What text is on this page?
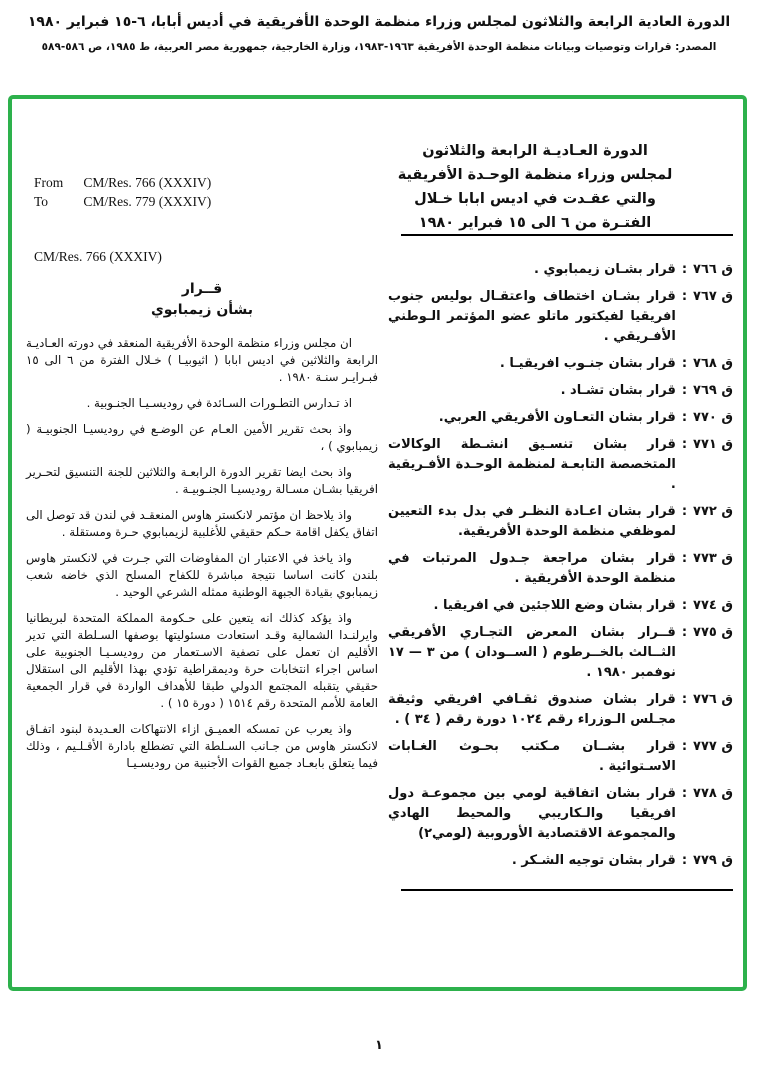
الدورة العادية الرابعة والثلاثون لمجلس وزراء منظمة الوحدة الأفريقية في أديس أبابا، ٦-١٥ فبراير ١٩٨٠
المصدر: قرارات وتوصيات وبيانات منظمة الوحدة الأفريقية ١٩٦٣-١٩٨٣، وزارة الخارجية، جمهورية مصر العربية، ط ١٩٨٥، ص ٥٨٦-٥٨٩
الدورة العـاديـة الرابعة والثلاثون
لمجلس وزراء منظمة الوحـدة الأفريقية
والتي عقـدت في اديس ابابا خـلال
الفتـرة من ٦ الى ١٥ فبراير ١٩٨٠
From CM/Res. 766 (XXXIV)
To	CM/Res. 779 (XXXIV)
CM/Res. 766 (XXXIV)
قــرار
بشأن زيمبابوي

ان مجلس وزراء منظمة الوحدة الأفريقية المنعقد في دورته العـاديـة الرابعة والثلاثين في اديس ابابا ( اثيوبيـا ) خـلال الفترة من ٦ الى ١٥ فبـرايـر سنـة ١٩٨٠ .

اذ تـدارس التطـورات السـائدة في روديسـيـا الجنـوبية .

واذ بحث تقرير الأمين العـام عن الوضـع في روديسيـا الجنوبيـة ( زيمبابوي ) ،

واذ بحث ايضا تقرير الدورة الرابعـة والثلاثين للجنة التنسيق لتحـرير افريقيا بشـان مسـالة روديسيـا الجنـوبيـة .

واذ يلاحظ ان مؤتمر لانكستر هاوس المنعقـد في لندن قد توصل الى اتفاق يكفل اقامة حـكم حقيقي للأغلبية لزيمبابوي حـرة ومستقلة .

واذ ياخذ في الاعتبار ان المفاوضات التي جـرت في لانكستر هاوس بلندن كانت اساسا نتيجة مباشرة للكفاح المسلح الذي خاضه شعب زيمبابوي بقيادة الجبهة الوطنية ممثله الشرعي الوحيد .

واذ يؤكد كذلك انه يتعين على حـكومة المملكة المتحدة لبريطانيا وايرلنـدا الشمالية وقـد استعادت مسئوليتها بوصفها السـلطة التي تدير الأقليم ان تعمل على تصفية الاسـتعمار من روديسـيـا الجنوبية على اساس اجراء انتخابات حرة وديمقراطية تؤدي بهذا الأقليم الى استقلال حقيقي يتقبله المجتمع الدولي طبقا للأهداف الواردة في قرار الجمعية العامة للأمم المتحدة رقم ١٥١٤ ( دورة ١٥ ) .

واذ يعرب عن تمسكه العميـق ازاء الانتهاكات العـديدة لبنود اتفـاق لانكستر هاوس من جـانب السـلطة التي تضطلع بادارة الأقـلـيم ، وذلك فيما يتعلق بابعـاد جميع القوات الأجنبية من روديسـيـا

ق ٧٦٦
:
قرار بشـان زيمبابوي .
ق ٧٦٧
:
قرار بشـان اختطاف واعتقـال بوليس جنوب افريقيا لفيكتور ماتلو عضو المؤتمر الـوطني الأفـريقي .
ق ٧٦٨
:
قرار بشان جنـوب افريقيـا .
ق ٧٦٩
:
قرار بشان تشـاد .
ق ٧٧٠
:
قرار بشان التعـاون الأفريقي العربي.
ق ٧٧١
:
قرار بشان تنسـيق انشـطة الوكالات المتخصصة التابعـة لمنظمة الوحـدة الأفـريقية .
ق ٧٧٢
:
قرار بشان اعـادة النظـر في بدل بدء التعيين لموظفي منظمة الوحدة الأفريقية.
ق ٧٧٣
:
قرار بشان مراجعة جـدول المرتبات في منظمة الوحدة الأفريقية .
ق ٧٧٤
:
قرار بشان وضع اللاجئين في افريقيا .
ق ٧٧٥
:
قــرار بشان المعرض التجـاري الأفريقي الثــالث بالخــرطوم ( الســودان ) من ٣ — ١٧ نوفمبر ١٩٨٠ .
ق ٧٧٦
:
قرار بشان صندوق ثقـافي افريقي وثيقة مجـلس الـوزراء رقم ١٠٢٤ دورة رقم ( ٣٤ ) .
ق ٧٧٧
:
قرار بشــان مـكتب بحـوث الغـابات الاسـتوائية .
ق ٧٧٨
:
قرار بشان اتفاقية لومي بين مجموعـة دول افريقيا والـكاريبي والمحيط الهادي والمجموعة الاقتصادية الأوروبية (لومي٢)
ق ٧٧٩
:
قرار بشان توجيه الشـكر .
١
